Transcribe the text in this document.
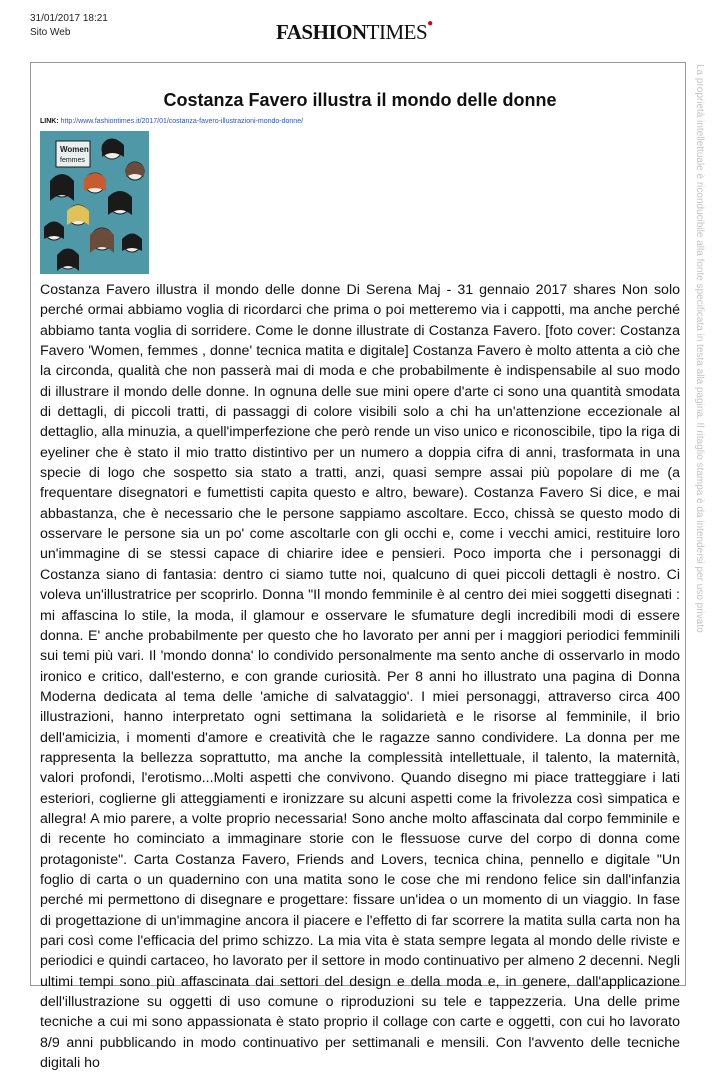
31/01/2017 18:21
Sito Web	FASHIONTIMES●
La proprietà intellettuale è riconducibile alla fonte specificata in testa alla pagina. Il ritaglio stampa è da intendersi per uso privato
Costanza Favero illustra il mondo delle donne
LINK: http://www.fashiontimes.it/2017/01/costanza-favero-illustrazioni-mondo-donne/
Women
femmes

Costanza Favero illustra il mondo delle donne Di Serena Maj - 31 gennaio 2017 shares Non solo perché ormai abbiamo voglia di ricordarci che prima o poi metteremo via i cappotti, ma anche perché abbiamo tanta voglia di sorridere. Come le donne illustrate di Costanza Favero. [foto cover: Costanza Favero 'Women, femmes , donne' tecnica matita e digitale] Costanza Favero è molto attenta a ciò che la circonda, qualità che non passerà mai di moda e che probabilmente è indispensabile al suo modo di illustrare il mondo delle donne. In ognuna delle sue mini opere d'arte ci sono una quantità smodata di dettagli, di piccoli tratti, di passaggi di colore visibili solo a chi ha un'attenzione eccezionale al dettaglio, alla minuzia, a quell'imperfezione che però rende un viso unico e riconoscibile, tipo la riga di eyeliner che è stato il mio tratto distintivo per un numero a doppia cifra di anni, trasformata in una specie di logo che sospetto sia stato a tratti, anzi, quasi sempre assai più popolare di me (a frequentare disegnatori e fumettisti capita questo e altro, beware). Costanza Favero Si dice, e mai abbastanza, che è necessario che le persone sappiamo ascoltare. Ecco, chissà se questo modo di osservare le persone sia un po' come ascoltarle con gli occhi e, come i vecchi amici, restituire loro un'immagine di se stessi capace di chiarire idee e pensieri. Poco importa che i personaggi di Costanza siano di fantasia: dentro ci siamo tutte noi, qualcuno di quei piccoli dettagli è nostro. Ci voleva un'illustratrice per scoprirlo. Donna "Il mondo femminile è al centro dei miei soggetti disegnati : mi affascina lo stile, la moda, il glamour e osservare le sfumature degli incredibili modi di essere donna. E' anche probabilmente per questo che ho lavorato per anni per i maggiori periodici femminili sui temi più vari. Il 'mondo donna' lo condivido personalmente ma sento anche di osservarlo in modo ironico e critico, dall'esterno, e con grande curiosità. Per 8 anni ho illustrato una pagina di Donna Moderna dedicata al tema delle 'amiche di salvataggio'. I miei personaggi, attraverso circa 400 illustrazioni, hanno interpretato ogni settimana la solidarietà e le risorse al femminile, il brio dell'amicizia, i momenti d'amore e creatività che le ragazze sanno condividere. La donna per me rappresenta la bellezza soprattutto, ma anche la complessità intellettuale, il talento, la maternità, valori profondi, l'erotismo...Molti aspetti che convivono. Quando disegno mi piace tratteggiare i lati esteriori, coglierne gli atteggiamenti e ironizzare su alcuni aspetti come la frivolezza così simpatica e allegra! A mio parere, a volte proprio necessaria! Sono anche molto affascinata dal corpo femminile e di recente ho cominciato a immaginare storie con le flessuose curve del corpo di donna come protagoniste". Carta Costanza Favero, Friends and Lovers, tecnica china, pennello e digitale "Un foglio di carta o un quadernino con una matita sono le cose che mi rendono felice sin dall'infanzia perché mi permettono di disegnare e progettare: fissare un'idea o un momento di un viaggio. In fase di progettazione di un'immagine ancora il piacere e l'effetto di far scorrere la matita sulla carta non ha pari così come l'efficacia del primo schizzo. La mia vita è stata sempre legata al mondo delle riviste e periodici e quindi cartaceo, ho lavorato per il settore in modo continuativo per almeno 2 decenni. Negli ultimi tempi sono più affascinata dai settori del design e della moda e, in genere, dall'applicazione dell'illustrazione su oggetti di uso comune o riproduzioni su tele e tappezzeria. Una delle prime tecniche a cui mi sono appassionata è stato proprio il collage con carte e oggetti, con cui ho lavorato 8/9 anni pubblicando in modo continuativo per settimanali e mensili. Con l'avvento delle tecniche digitali ho
